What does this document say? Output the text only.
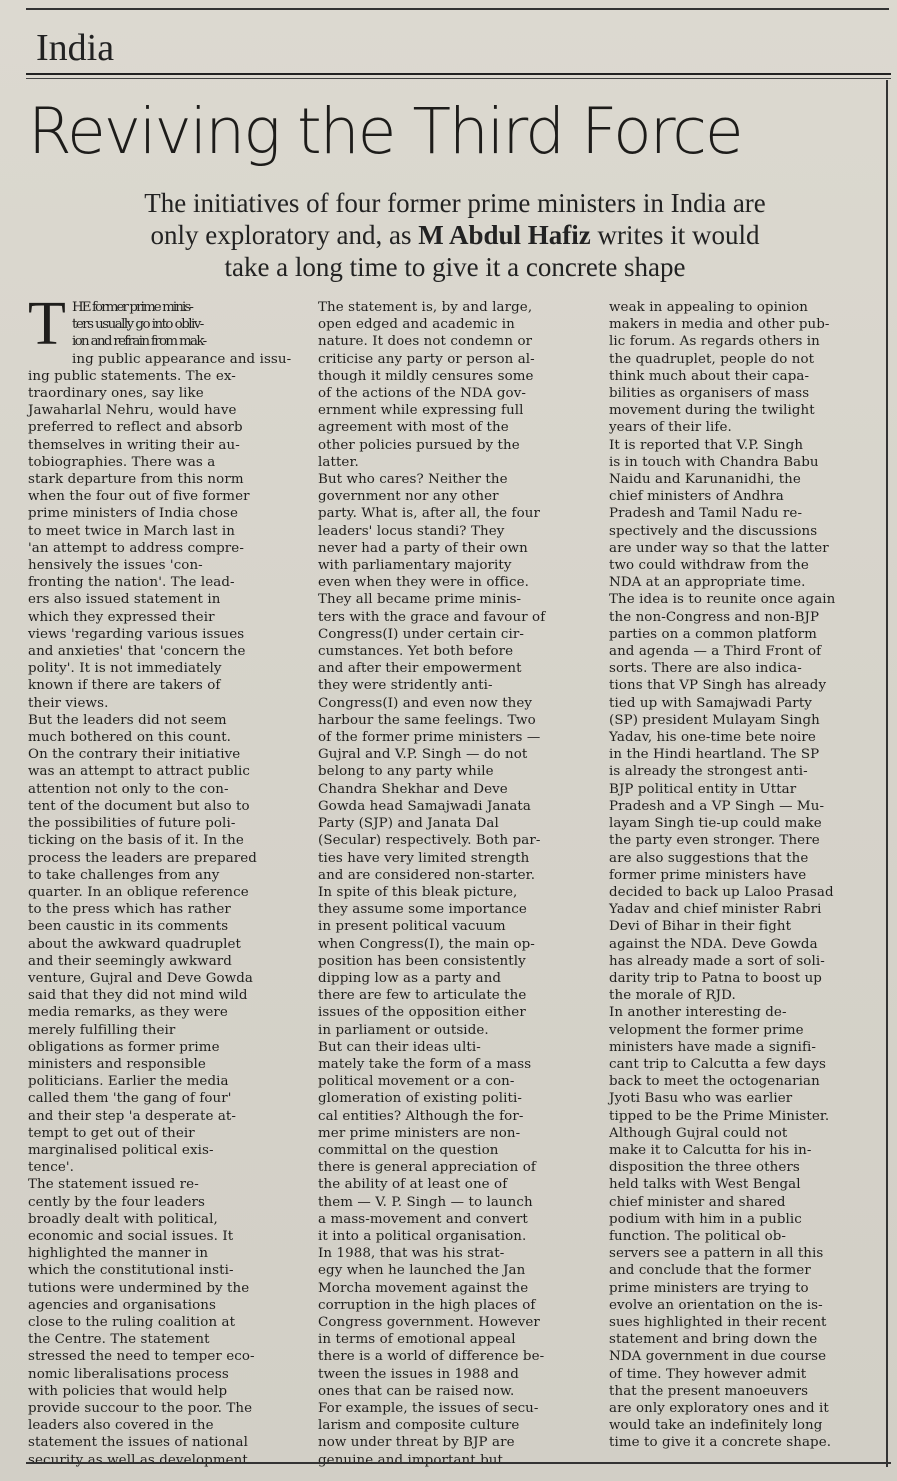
India
Reviving the Third Force
The initiatives of four former prime ministers in India are
only exploratory and, as M Abdul Hafiz writes it would
take a long time to give it a concrete shape
T HE former prime minis-
ters usually go into obliv-
ion and refrain from mak-
ing public appearance and issu-
ing public statements. The ex-
traordinary ones, say like
Jawaharlal Nehru, would have
preferred to reflect and absorb
themselves in writing their au-
tobiographies. There was a
stark departure from this norm
when the four out of five former
prime ministers of India chose
to meet twice in March last in
'an attempt to address compre-
hensively the issues 'con-
fronting the nation'. The lead-
ers also issued statement in
which they expressed their
views 'regarding various issues
and anxieties' that 'concern the
polity'. It is not immediately
known if there are takers of
their views.
But the leaders did not seem
much bothered on this count.
On the contrary their initiative
was an attempt to attract public
attention not only to the con-
tent of the document but also to
the possibilities of future poli-
ticking on the basis of it. In the
process the leaders are prepared
to take challenges from any
quarter. In an oblique reference
to the press which has rather
been caustic in its comments
about the awkward quadruplet
and their seemingly awkward
venture, Gujral and Deve Gowda
said that they did not mind wild
media remarks, as they were
merely fulfilling their
obligations as former prime
ministers and responsible
politicians. Earlier the media
called them 'the gang of four'
and their step 'a desperate at-
tempt to get out of their
marginalised political exis-
tence'.
The statement issued re-
cently by the four leaders
broadly dealt with political,
economic and social issues. It
highlighted the manner in
which the constitutional insti-
tutions were undermined by the
agencies and organisations
close to the ruling coalition at
the Centre. The statement
stressed the need to temper eco-
nomic liberalisations process
with policies that would help
provide succour to the poor. The
leaders also covered in the
statement the issues of national
security as well as development.
The statement is, by and large,
open edged and academic in
nature. It does not condemn or
criticise any party or person al-
though it mildly censures some
of the actions of the NDA gov-
ernment while expressing full
agreement with most of the
other policies pursued by the
latter.
But who cares? Neither the
government nor any other
party. What is, after all, the four
leaders' locus standi? They
never had a party of their own
with parliamentary majority
even when they were in office.
They all became prime minis-
ters with the grace and favour of
Congress(I) under certain cir-
cumstances. Yet both before
and after their empowerment
they were stridently anti-
Congress(I) and even now they
harbour the same feelings. Two
of the former prime ministers —
Gujral and V.P. Singh — do not
belong to any party while
Chandra Shekhar and Deve
Gowda head Samajwadi Janata
Party (SJP) and Janata Dal
(Secular) respectively. Both par-
ties have very limited strength
and are considered non-starter.
In spite of this bleak picture,
they assume some importance
in present political vacuum
when Congress(I), the main op-
position has been consistently
dipping low as a party and
there are few to articulate the
issues of the opposition either
in parliament or outside.
But can their ideas ulti-
mately take the form of a mass
political movement or a con-
glomeration of existing politi-
cal entities? Although the for-
mer prime ministers are non-
committal on the question
there is general appreciation of
the ability of at least one of
them — V. P. Singh — to launch
a mass-movement and convert
it into a political organisation.
In 1988, that was his strat-
egy when he launched the Jan
Morcha movement against the
corruption in the high places of
Congress government. However
in terms of emotional appeal
there is a world of difference be-
tween the issues in 1988 and
ones that can be raised now.
For example, the issues of secu-
larism and composite culture
now under threat by BJP are
genuine and important but
weak in appealing to opinion
makers in media and other pub-
lic forum. As regards others in
the quadruplet, people do not
think much about their capa-
bilities as organisers of mass
movement during the twilight
years of their life.
It is reported that V.P. Singh
is in touch with Chandra Babu
Naidu and Karunanidhi, the
chief ministers of Andhra
Pradesh and Tamil Nadu re-
spectively and the discussions
are under way so that the latter
two could withdraw from the
NDA at an appropriate time.
The idea is to reunite once again
the non-Congress and non-BJP
parties on a common platform
and agenda — a Third Front of
sorts. There are also indica-
tions that VP Singh has already
tied up with Samajwadi Party
(SP) president Mulayam Singh
Yadav, his one-time bete noire
in the Hindi heartland. The SP
is already the strongest anti-
BJP political entity in Uttar
Pradesh and a VP Singh — Mu-
layam Singh tie-up could make
the party even stronger. There
are also suggestions that the
former prime ministers have
decided to back up Laloo Prasad
Yadav and chief minister Rabri
Devi of Bihar in their fight
against the NDA. Deve Gowda
has already made a sort of soli-
darity trip to Patna to boost up
the morale of RJD.
In another interesting de-
velopment the former prime
ministers have made a signifi-
cant trip to Calcutta a few days
back to meet the octogenarian
Jyoti Basu who was earlier
tipped to be the Prime Minister.
Although Gujral could not
make it to Calcutta for his in-
disposition the three others
held talks with West Bengal
chief minister and shared
podium with him in a public
function. The political ob-
servers see a pattern in all this
and conclude that the former
prime ministers are trying to
evolve an orientation on the is-
sues highlighted in their recent
statement and bring down the
NDA government in due course
of time. They however admit
that the present manoeuvers
are only exploratory ones and it
would take an indefinitely long
time to give it a concrete shape.
